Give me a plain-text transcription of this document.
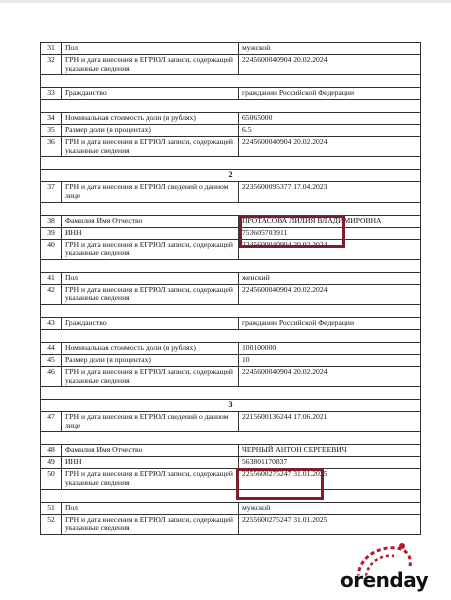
31	Пол	мужской
32	ГРН и дата внесения в ЕГРЮЛ записи, содержащей указанные сведения	2245600040904 20.02.2024

33	Гражданство	гражданин Российской Федерации

34	Номинальная стоимость доли (в рублях)	65065000
35	Размер доли (в процентах)	6.5
36	ГРН и дата внесения в ЕГРЮЛ записи, содержащей указанные сведения	2245600040904 20.02.2024

2		
37	ГРН и дата внесения в ЕГРЮЛ сведений о данном лице	2235600095377 17.04.2023

38	Фамилия Имя Отчество	ПРОТАСОВА ЛИЛИЯ ВЛАДИМИРОВНА
39	ИНН	753605703911
40	ГРН и дата внесения в ЕГРЮЛ записи, содержащей указанные сведения	2245600040904 20.02.2024

41	Пол	женский
42	ГРН и дата внесения в ЕГРЮЛ записи, содержащей указанные сведения	2245600040904 20.02.2024

43	Гражданство	гражданин Российской Федерации

44	Номинальная стоимость доли (в рублях)	100100000
45	Размер доли (в процентах)	10
46	ГРН и дата внесения в ЕГРЮЛ записи, содержащей указанные сведения	2245600040904 20.02.2024

3		
47	ГРН и дата внесения в ЕГРЮЛ сведений о данном лице	2215600136244 17.06.2021

48	Фамилия Имя Отчество	ЧЕРНЫЙ АНТОН СЕРГЕЕВИЧ
49	ИНН	563801170837
50	ГРН и дата внесения в ЕГРЮЛ записи, содержащей указанные сведения	2255600275247 31.01.2025

51	Пол	мужской
52	ГРН и дата внесения в ЕГРЮЛ записи, содержащей указанные сведения	2255600275247 31.01.2025
orenday
